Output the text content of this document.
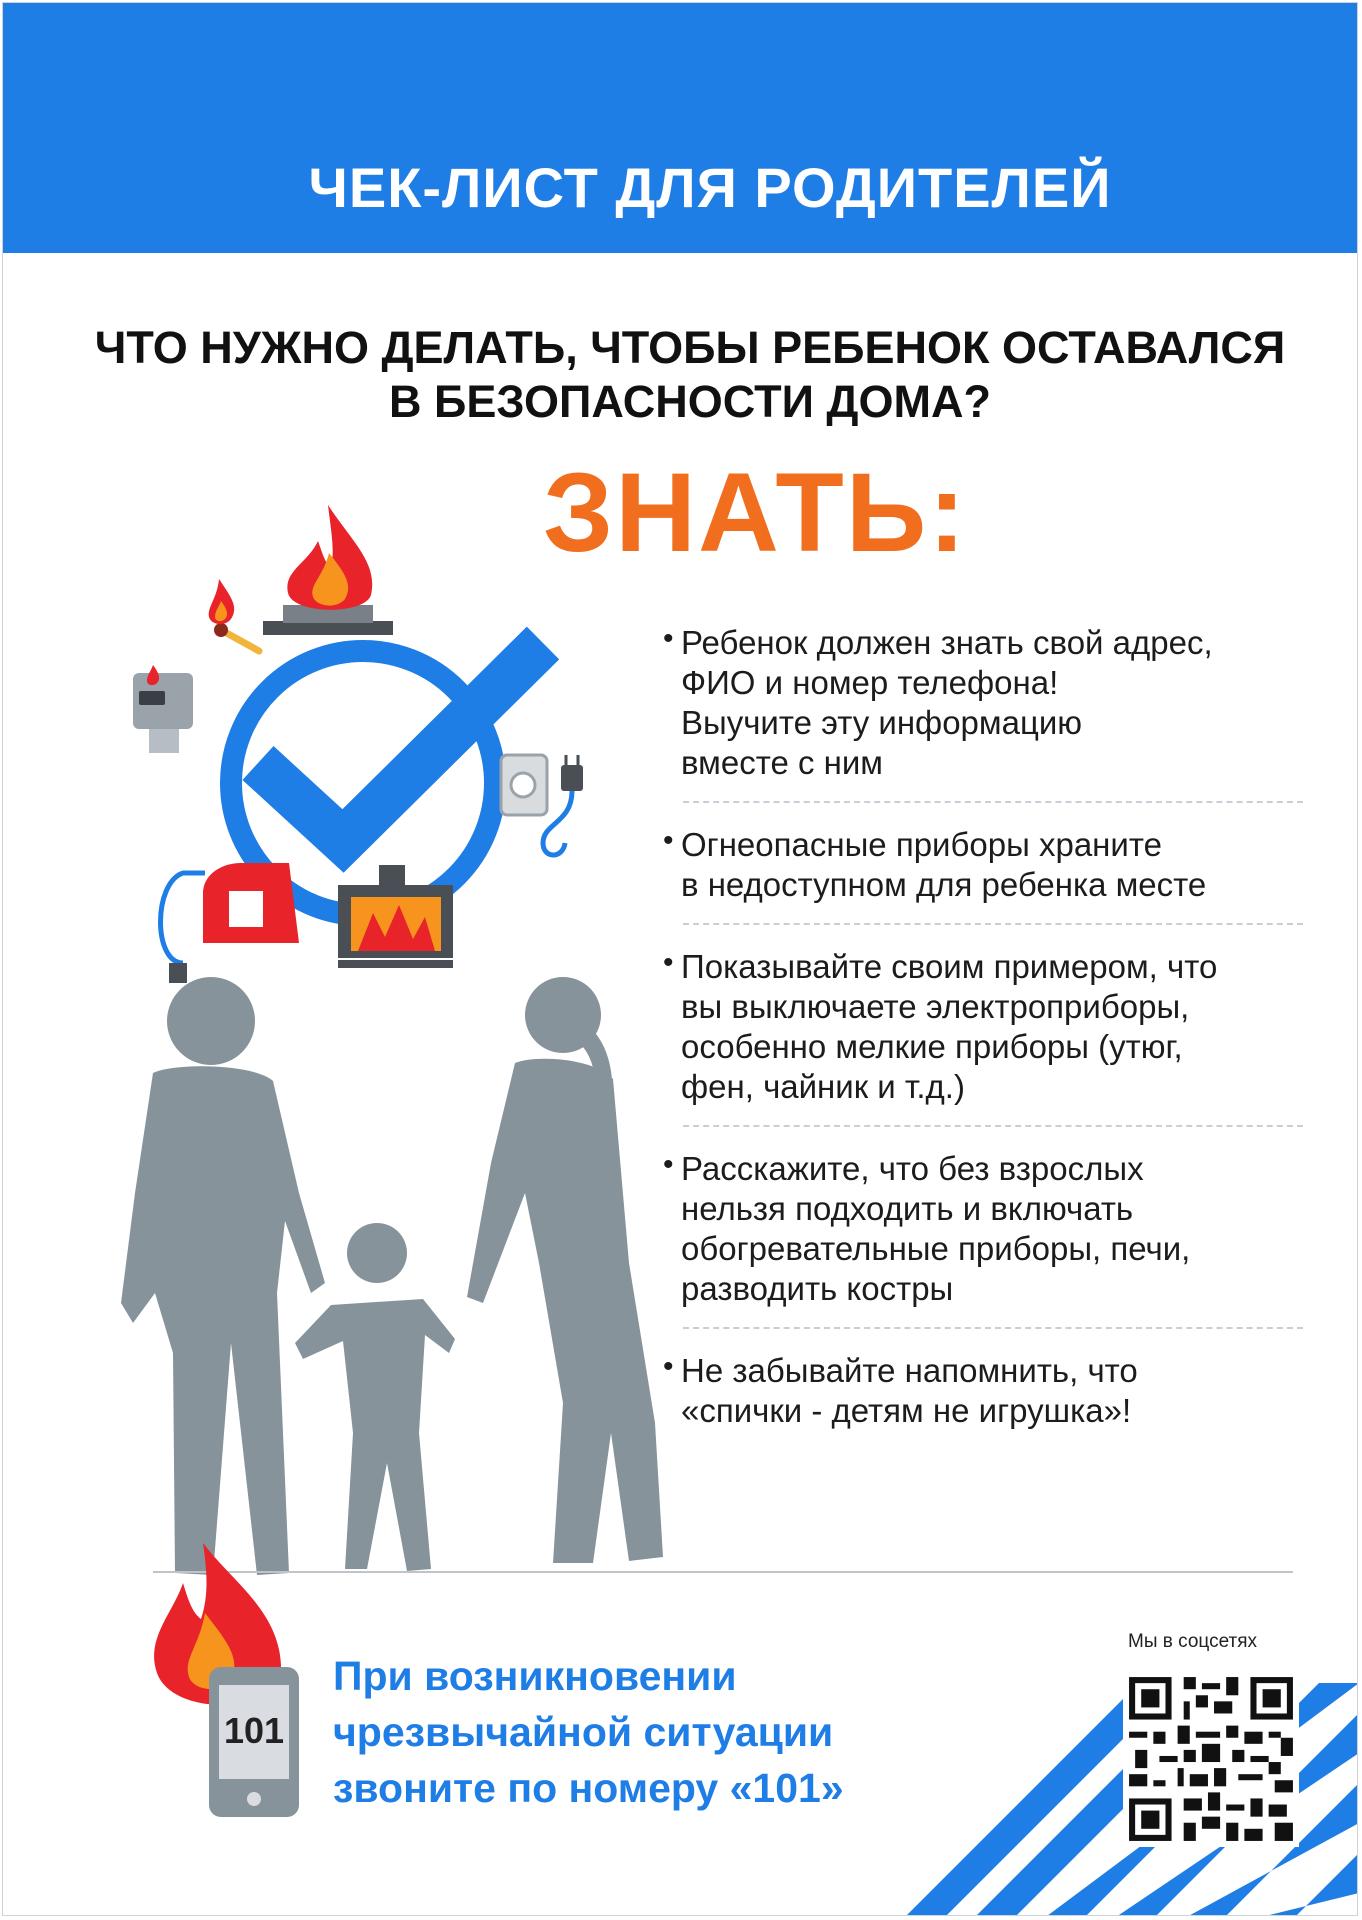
ЧЕК-ЛИСТ ДЛЯ РОДИТЕЛЕЙ
ЧТО НУЖНО ДЕЛАТЬ, ЧТОБЫ РЕБЕНОК ОСТАВАЛСЯ
В БЕЗОПАСНОСТИ ДОМА?
ЗНАТЬ:
• Ребенок должен знать свой адрес,
ФИО и номер телефона!
Выучите эту информацию
вместе с ним
• Огнеопасные приборы храните
в недоступном для ребенка месте
• Показывайте своим примером, что
вы выключаете электроприборы,
особенно мелкие приборы (утюг,
фен, чайник и т.д.)
• Расскажите, что без взрослых
нельзя подходить и включать
обогревательные приборы, печи,
разводить костры
• Не забывайте напомнить, что
«спички - детям не игрушка»!
101
При возникновении
чрезвычайной ситуации
звоните по номеру «101»
Мы в соцсетях
